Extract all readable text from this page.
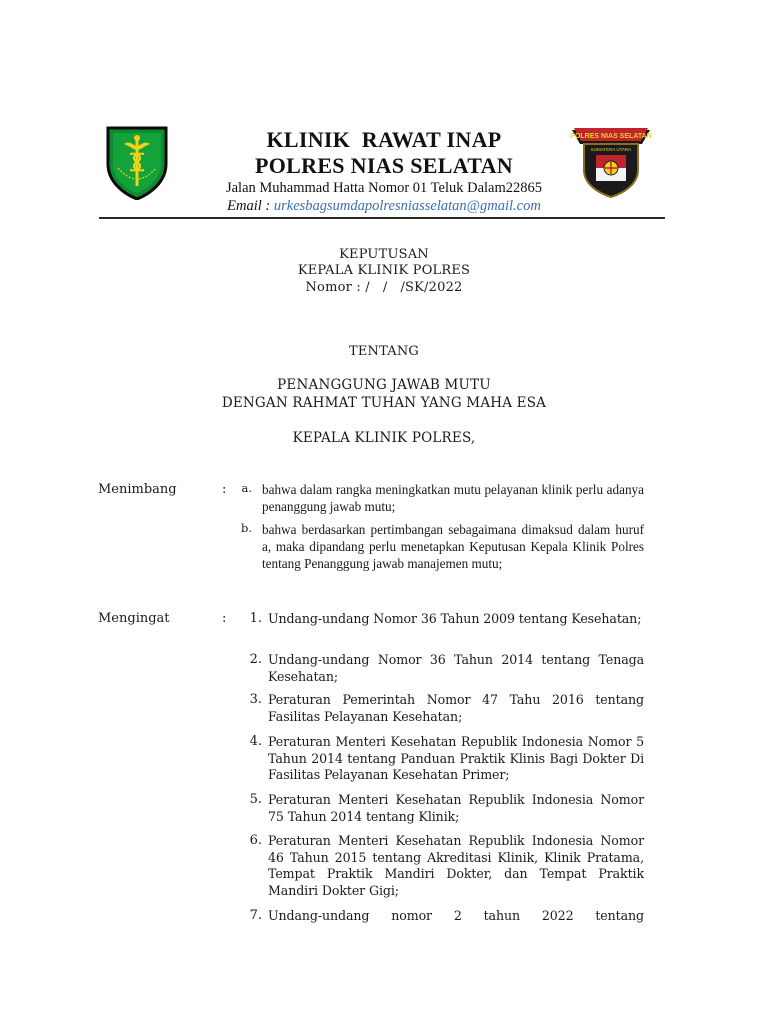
POLRES NIAS SELATAN
SUMATERA UTARA
KLINIK  RAWAT INAP
POLRES NIAS SELATAN
Jalan Muhammad Hatta Nomor 01 Teluk Dalam22865
Email : urkesbagsumdapolresniasselatan@gmail.com
KEPUTUSAN
KEPALA KLINIK POLRES
Nomor : /   /   /SK/2022
TENTANG
PENANGGUNG JAWAB MUTU
DENGAN RAHMAT TUHAN YANG MAHA ESA
KEPALA KLINIK POLRES,
Menimbang	:	a. bahwa dalam rangka meningkatkan mutu pelayanan klinik perlu adanya penanggung jawab mutu;
b. bahwa berdasarkan pertimbangan sebagaimana dimaksud dalam huruf a, maka dipandang perlu menetapkan Keputusan Kepala Klinik Polres tentang Penanggung jawab manajemen mutu;
Mengingat	:	1. Undang-undang Nomor 36 Tahun 2009 tentang Kesehatan;
2. Undang-undang Nomor 36 Tahun 2014 tentang Tenaga Kesehatan;
3. Peraturan Pemerintah Nomor 47 Tahu 2016 tentang Fasilitas Pelayanan Kesehatan;
4. Peraturan Menteri Kesehatan Republik Indonesia Nomor 5 Tahun 2014 tentang Panduan Praktik Klinis Bagi Dokter Di Fasilitas Pelayanan Kesehatan Primer;
5. Peraturan Menteri Kesehatan Republik Indonesia Nomor 75 Tahun 2014 tentang Klinik;
6. Peraturan Menteri Kesehatan Republik Indonesia Nomor 46 Tahun 2015 tentang Akreditasi Klinik, Klinik Pratama, Tempat Praktik Mandiri Dokter, dan Tempat Praktik Mandiri Dokter Gigi;
7. Undang-undang nomor 2 tahun 2022 tentang
